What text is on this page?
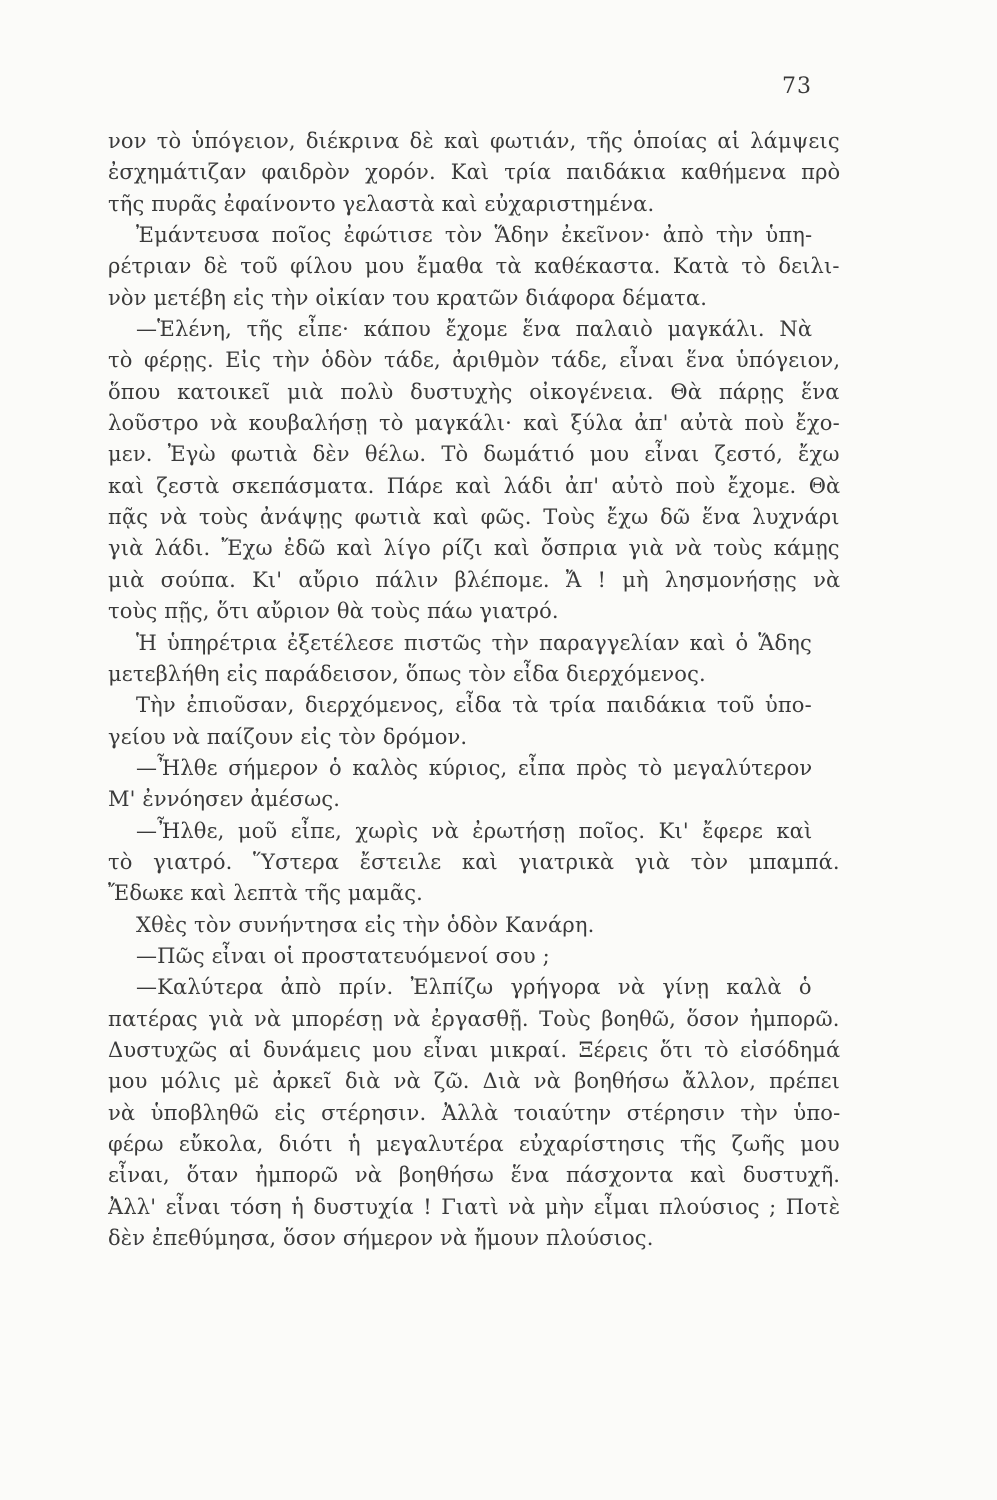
73
νον τὸ ὑπόγειον, διέκρινα δὲ καὶ φωτιάν, τῆς ὁποίας αἱ λάμψεις
ἐσχημάτιζαν φαιδρὸν χορόν. Καὶ τρία παιδάκια καθήμενα πρὸ
τῆς πυρᾶς ἐφαίνοντο γελαστὰ καὶ εὐχαριστημένα.
Ἐμάντευσα ποῖος ἐφώτισε τὸν Ἅδην ἐκεῖνον· ἀπὸ τὴν ὑπη-
ρέτριαν δὲ τοῦ φίλου μου ἔμαθα τὰ καθέκαστα. Κατὰ τὸ δειλι-
νὸν μετέβη εἰς τὴν οἰκίαν του κρατῶν διάφορα δέματα.
—Ἑλένη, τῆς εἶπε· κάπου ἔχομε ἕνα παλαιὸ μαγκάλι. Νὰ
τὸ φέρῃς. Εἰς τὴν ὁδὸν τάδε, ἀριθμὸν τάδε, εἶναι ἕνα ὑπόγειον,
ὅπου κατοικεῖ μιὰ πολὺ δυστυχὴς οἰκογένεια. Θὰ πάρῃς ἕνα
λοῦστρο νὰ κουβαλήσῃ τὸ μαγκάλι· καὶ ξύλα ἀπ' αὐτὰ ποὺ ἔχο-
μεν. Ἐγὼ φωτιὰ δὲν θέλω. Τὸ δωμάτιό μου εἶναι ζεστό, ἔχω
καὶ ζεστὰ σκεπάσματα. Πάρε καὶ λάδι ἀπ' αὐτὸ ποὺ ἔχομε. Θὰ
πᾷς νὰ τοὺς ἀνάψῃς φωτιὰ καὶ φῶς. Τοὺς ἔχω δῶ ἕνα λυχνάρι
γιὰ λάδι. Ἔχω ἐδῶ καὶ λίγο ρίζι καὶ ὄσπρια γιὰ νὰ τοὺς κάμῃς
μιὰ σούπα. Κι' αὔριο πάλιν βλέπομε. Ἄ ! μὴ λησμονήσῃς νὰ
τοὺς πῇς, ὅτι αὔριον θὰ τοὺς πάω γιατρό.
Ἡ ὑπηρέτρια ἐξετέλεσε πιστῶς τὴν παραγγελίαν καὶ ὁ Ἅδης
μετεβλήθη εἰς παράδεισον, ὅπως τὸν εἶδα διερχόμενος.
Τὴν ἐπιοῦσαν, διερχόμενος, εἶδα τὰ τρία παιδάκια τοῦ ὑπο-
γείου νὰ παίζουν εἰς τὸν δρόμον.
—Ἦλθε σήμερον ὁ καλὸς κύριος, εἶπα πρὸς τὸ μεγαλύτερον
Μ' ἐννόησεν ἀμέσως.
—Ἦλθε, μοῦ εἶπε, χωρὶς νὰ ἐρωτήσῃ ποῖος. Κι' ἔφερε καὶ
τὸ γιατρό. Ὕστερα ἔστειλε καὶ γιατρικὰ γιὰ τὸν μπαμπά.
Ἔδωκε καὶ λεπτὰ τῆς μαμᾶς.
Χθὲς τὸν συνήντησα εἰς τὴν ὁδὸν Κανάρη.
—Πῶς εἶναι οἱ προστατευόμενοί σου ;
—Καλύτερα ἀπὸ πρίν. Ἐλπίζω γρήγορα νὰ γίνῃ καλὰ ὁ
πατέρας γιὰ νὰ μπορέσῃ νὰ ἐργασθῇ. Τοὺς βοηθῶ, ὅσον ἠμπορῶ.
Δυστυχῶς αἱ δυνάμεις μου εἶναι μικραί. Ξέρεις ὅτι τὸ εἰσόδημά
μου μόλις μὲ ἀρκεῖ διὰ νὰ ζῶ. Διὰ νὰ βοηθήσω ἄλλον, πρέπει
νὰ ὑποβληθῶ εἰς στέρησιν. Ἀλλὰ τοιαύτην στέρησιν τὴν ὑπο-
φέρω εὔκολα, διότι ἡ μεγαλυτέρα εὐχαρίστησις τῆς ζωῆς μου
εἶναι, ὅταν ἠμπορῶ νὰ βοηθήσω ἕνα πάσχοντα καὶ δυστυχῆ.
Ἀλλ' εἶναι τόση ἡ δυστυχία ! Γιατὶ νὰ μὴν εἶμαι πλούσιος ; Ποτὲ
δὲν ἐπεθύμησα, ὅσον σήμερον νὰ ἤμουν πλούσιος.
